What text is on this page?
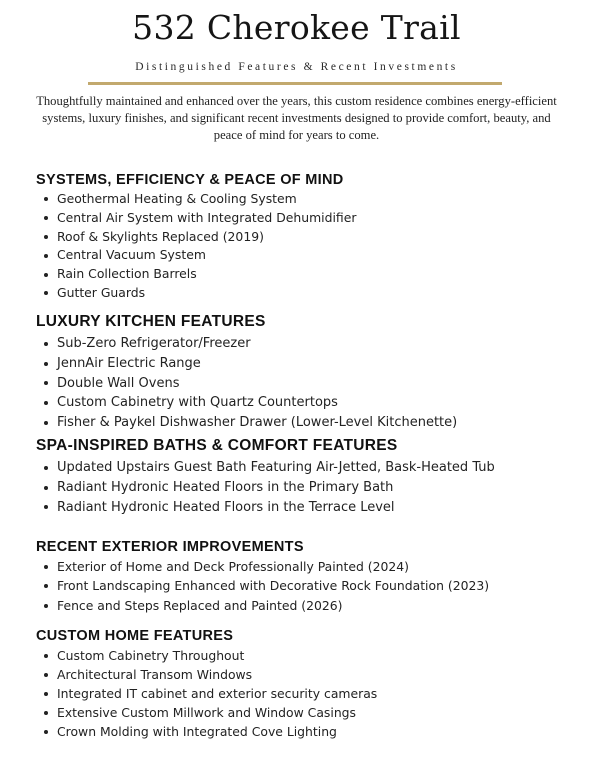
532 Cherokee Trail
Distinguished Features & Recent Investments
Thoughtfully maintained and enhanced over the years, this custom residence combines energy-efficient systems, luxury finishes, and significant recent investments designed to provide comfort, beauty, and peace of mind for years to come.
SYSTEMS, EFFICIENCY & PEACE OF MIND
Geothermal Heating & Cooling System
Central Air System with Integrated Dehumidifier
Roof & Skylights Replaced (2019)
Central Vacuum System
Rain Collection Barrels
Gutter Guards
LUXURY KITCHEN FEATURES
Sub-Zero Refrigerator/Freezer
JennAir Electric Range
Double Wall Ovens
Custom Cabinetry with Quartz Countertops
Fisher & Paykel Dishwasher Drawer (Lower-Level Kitchenette)
SPA-INSPIRED BATHS & COMFORT FEATURES
Updated Upstairs Guest Bath Featuring Air-Jetted, Bask-Heated Tub
Radiant Hydronic Heated Floors in the Primary Bath
Radiant Hydronic Heated Floors in the Terrace Level
RECENT EXTERIOR IMPROVEMENTS
Exterior of Home and Deck Professionally Painted (2024)
Front Landscaping Enhanced with Decorative Rock Foundation (2023)
Fence and Steps Replaced and Painted (2026)
CUSTOM HOME FEATURES
Custom Cabinetry Throughout
Architectural Transom Windows
Integrated IT cabinet and exterior security cameras
Extensive Custom Millwork and Window Casings
Crown Molding with Integrated Cove Lighting
